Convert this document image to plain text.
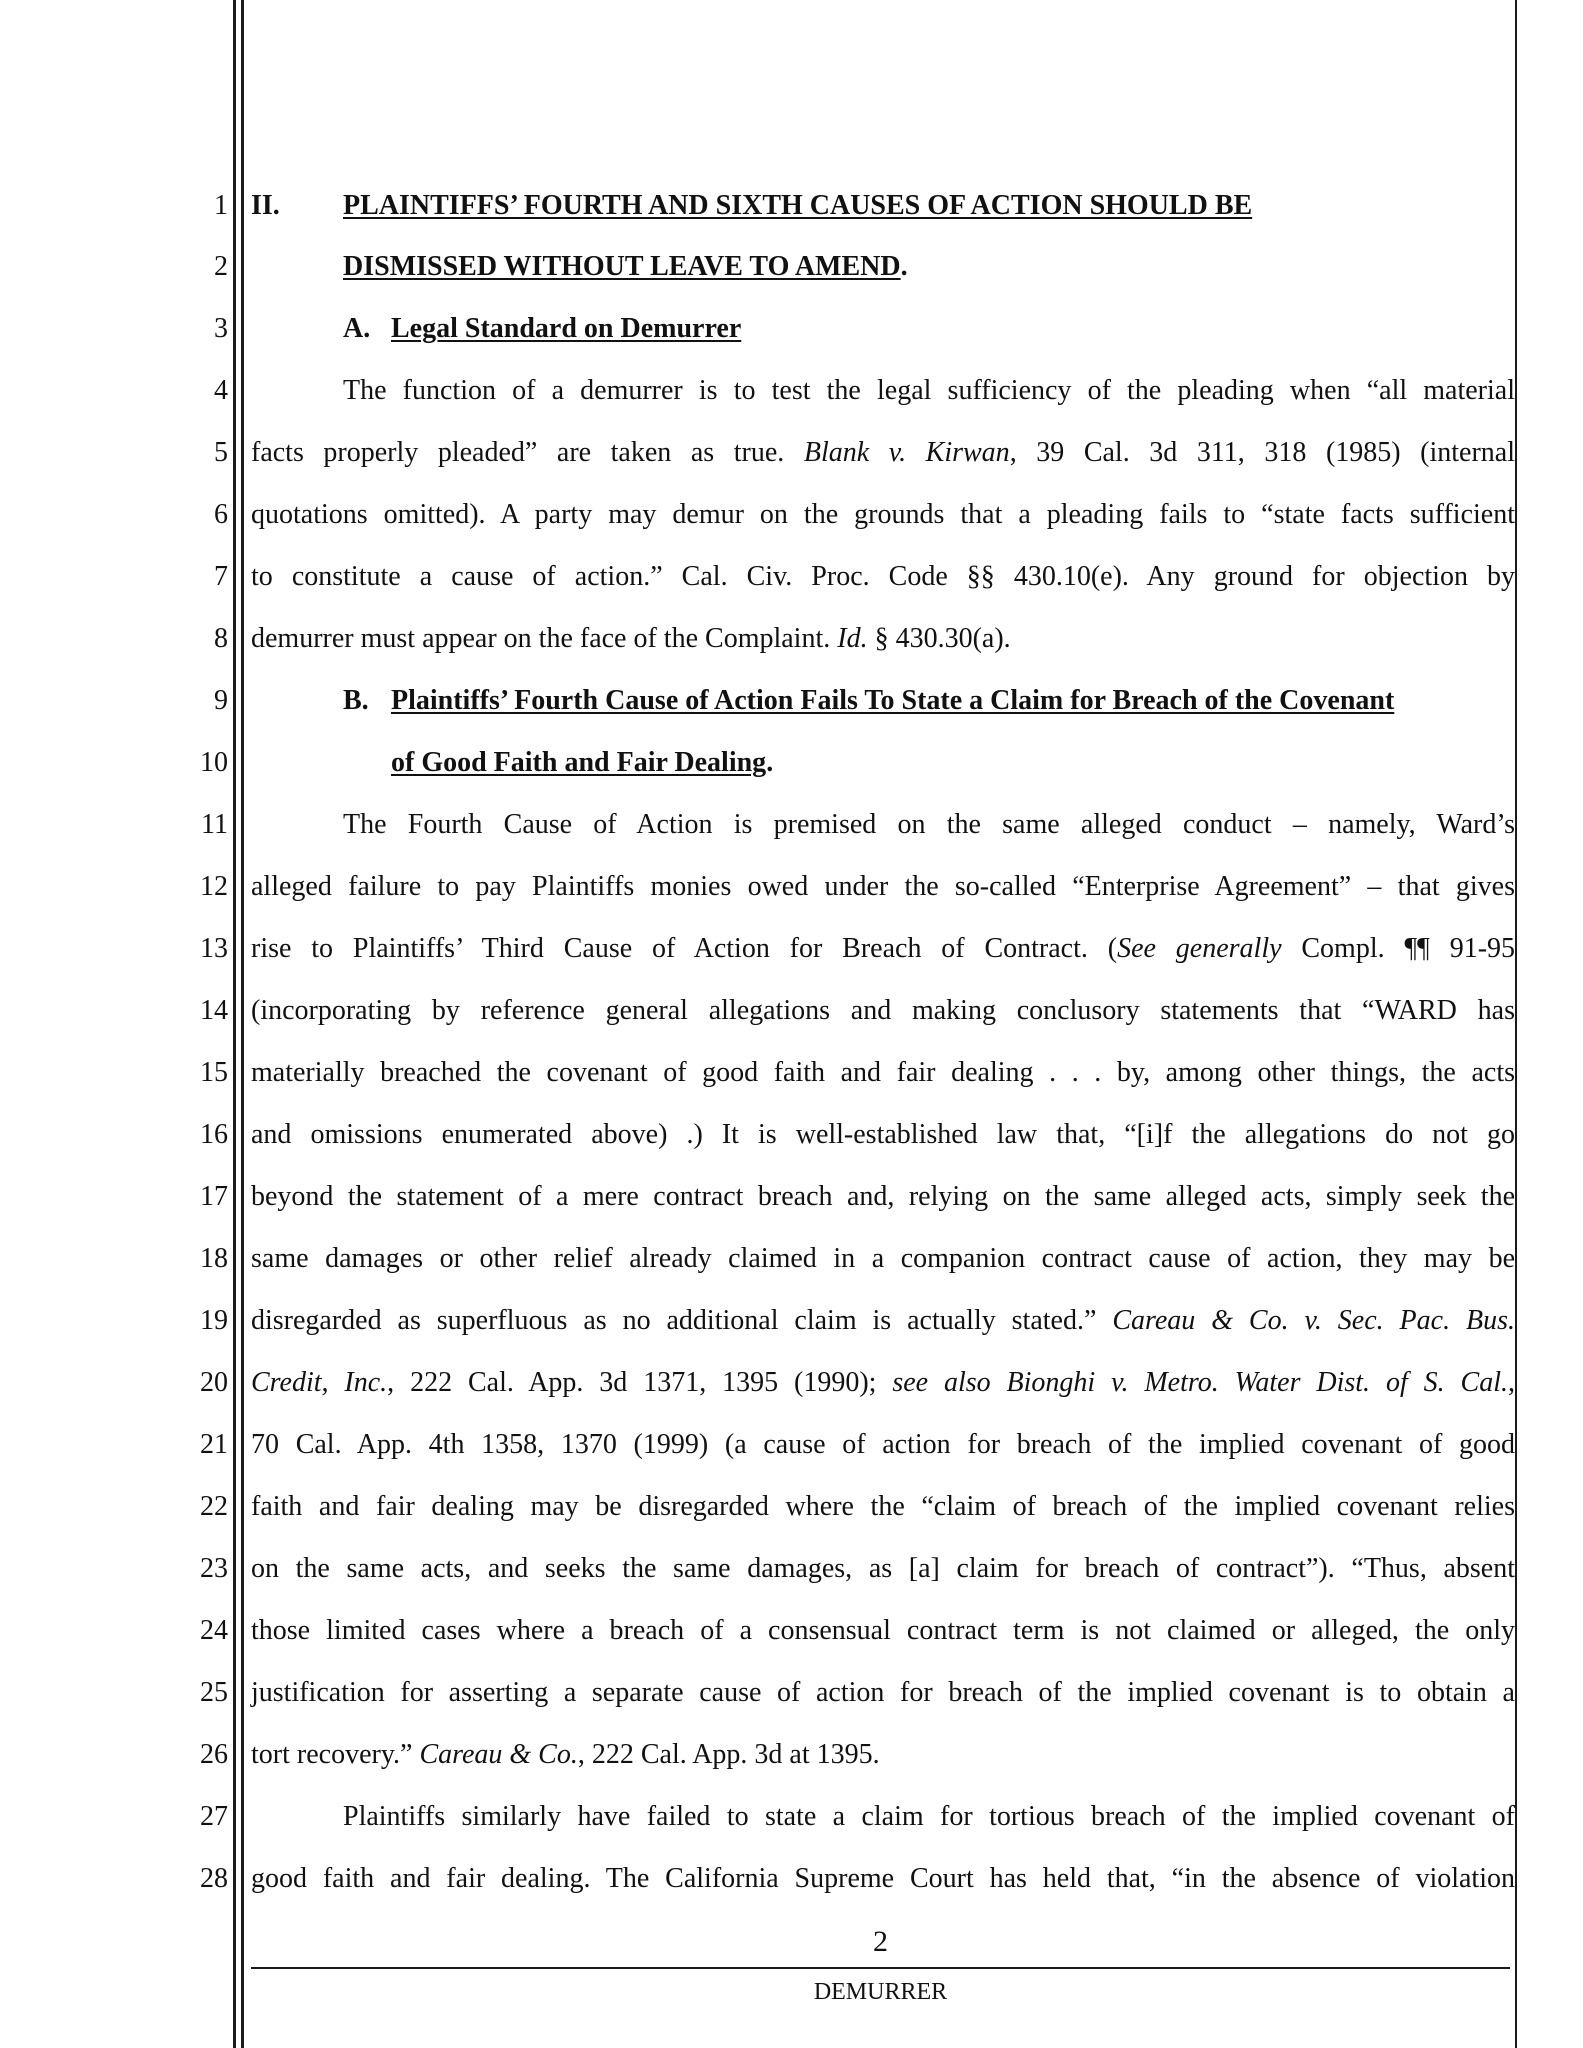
1
2
3
4
5
6
7
8
9
10
11
12
13
14
15
16
17
18
19
20
21
22
23
24
25
26
27
28
II. PLAINTIFFS’ FOURTH AND SIXTH CAUSES OF ACTION SHOULD BE
DISMISSED WITHOUT LEAVE TO AMEND.
A. Legal Standard on Demurrer
The function of a demurrer is to test the legal sufficiency of the pleading when “all material
facts properly pleaded” are taken as true. Blank v. Kirwan, 39 Cal. 3d 311, 318 (1985) (internal
quotations omitted). A party may demur on the grounds that a pleading fails to “state facts sufficient
to constitute a cause of action.” Cal. Civ. Proc. Code §§ 430.10(e). Any ground for objection by
demurrer must appear on the face of the Complaint. Id. § 430.30(a).
B. Plaintiffs’ Fourth Cause of Action Fails To State a Claim for Breach of the Covenant
of Good Faith and Fair Dealing.
The Fourth Cause of Action is premised on the same alleged conduct – namely, Ward’s
alleged failure to pay Plaintiffs monies owed under the so-called “Enterprise Agreement” – that gives
rise to Plaintiffs’ Third Cause of Action for Breach of Contract. (See generally Compl. ¶¶ 91-95
(incorporating by reference general allegations and making conclusory statements that “WARD has
materially breached the covenant of good faith and fair dealing . . . by, among other things, the acts
and omissions enumerated above) .) It is well-established law that, “[i]f the allegations do not go
beyond the statement of a mere contract breach and, relying on the same alleged acts, simply seek the
same damages or other relief already claimed in a companion contract cause of action, they may be
disregarded as superfluous as no additional claim is actually stated.” Careau & Co. v. Sec. Pac. Bus.
Credit, Inc., 222 Cal. App. 3d 1371, 1395 (1990); see also Bionghi v. Metro. Water Dist. of S. Cal.,
70 Cal. App. 4th 1358, 1370 (1999) (a cause of action for breach of the implied covenant of good
faith and fair dealing may be disregarded where the “claim of breach of the implied covenant relies
on the same acts, and seeks the same damages, as [a] claim for breach of contract”). “Thus, absent
those limited cases where a breach of a consensual contract term is not claimed or alleged, the only
justification for asserting a separate cause of action for breach of the implied covenant is to obtain a
tort recovery.” Careau & Co., 222 Cal. App. 3d at 1395.
Plaintiffs similarly have failed to state a claim for tortious breach of the implied covenant of
good faith and fair dealing. The California Supreme Court has held that, “in the absence of violation
2
DEMURRER
